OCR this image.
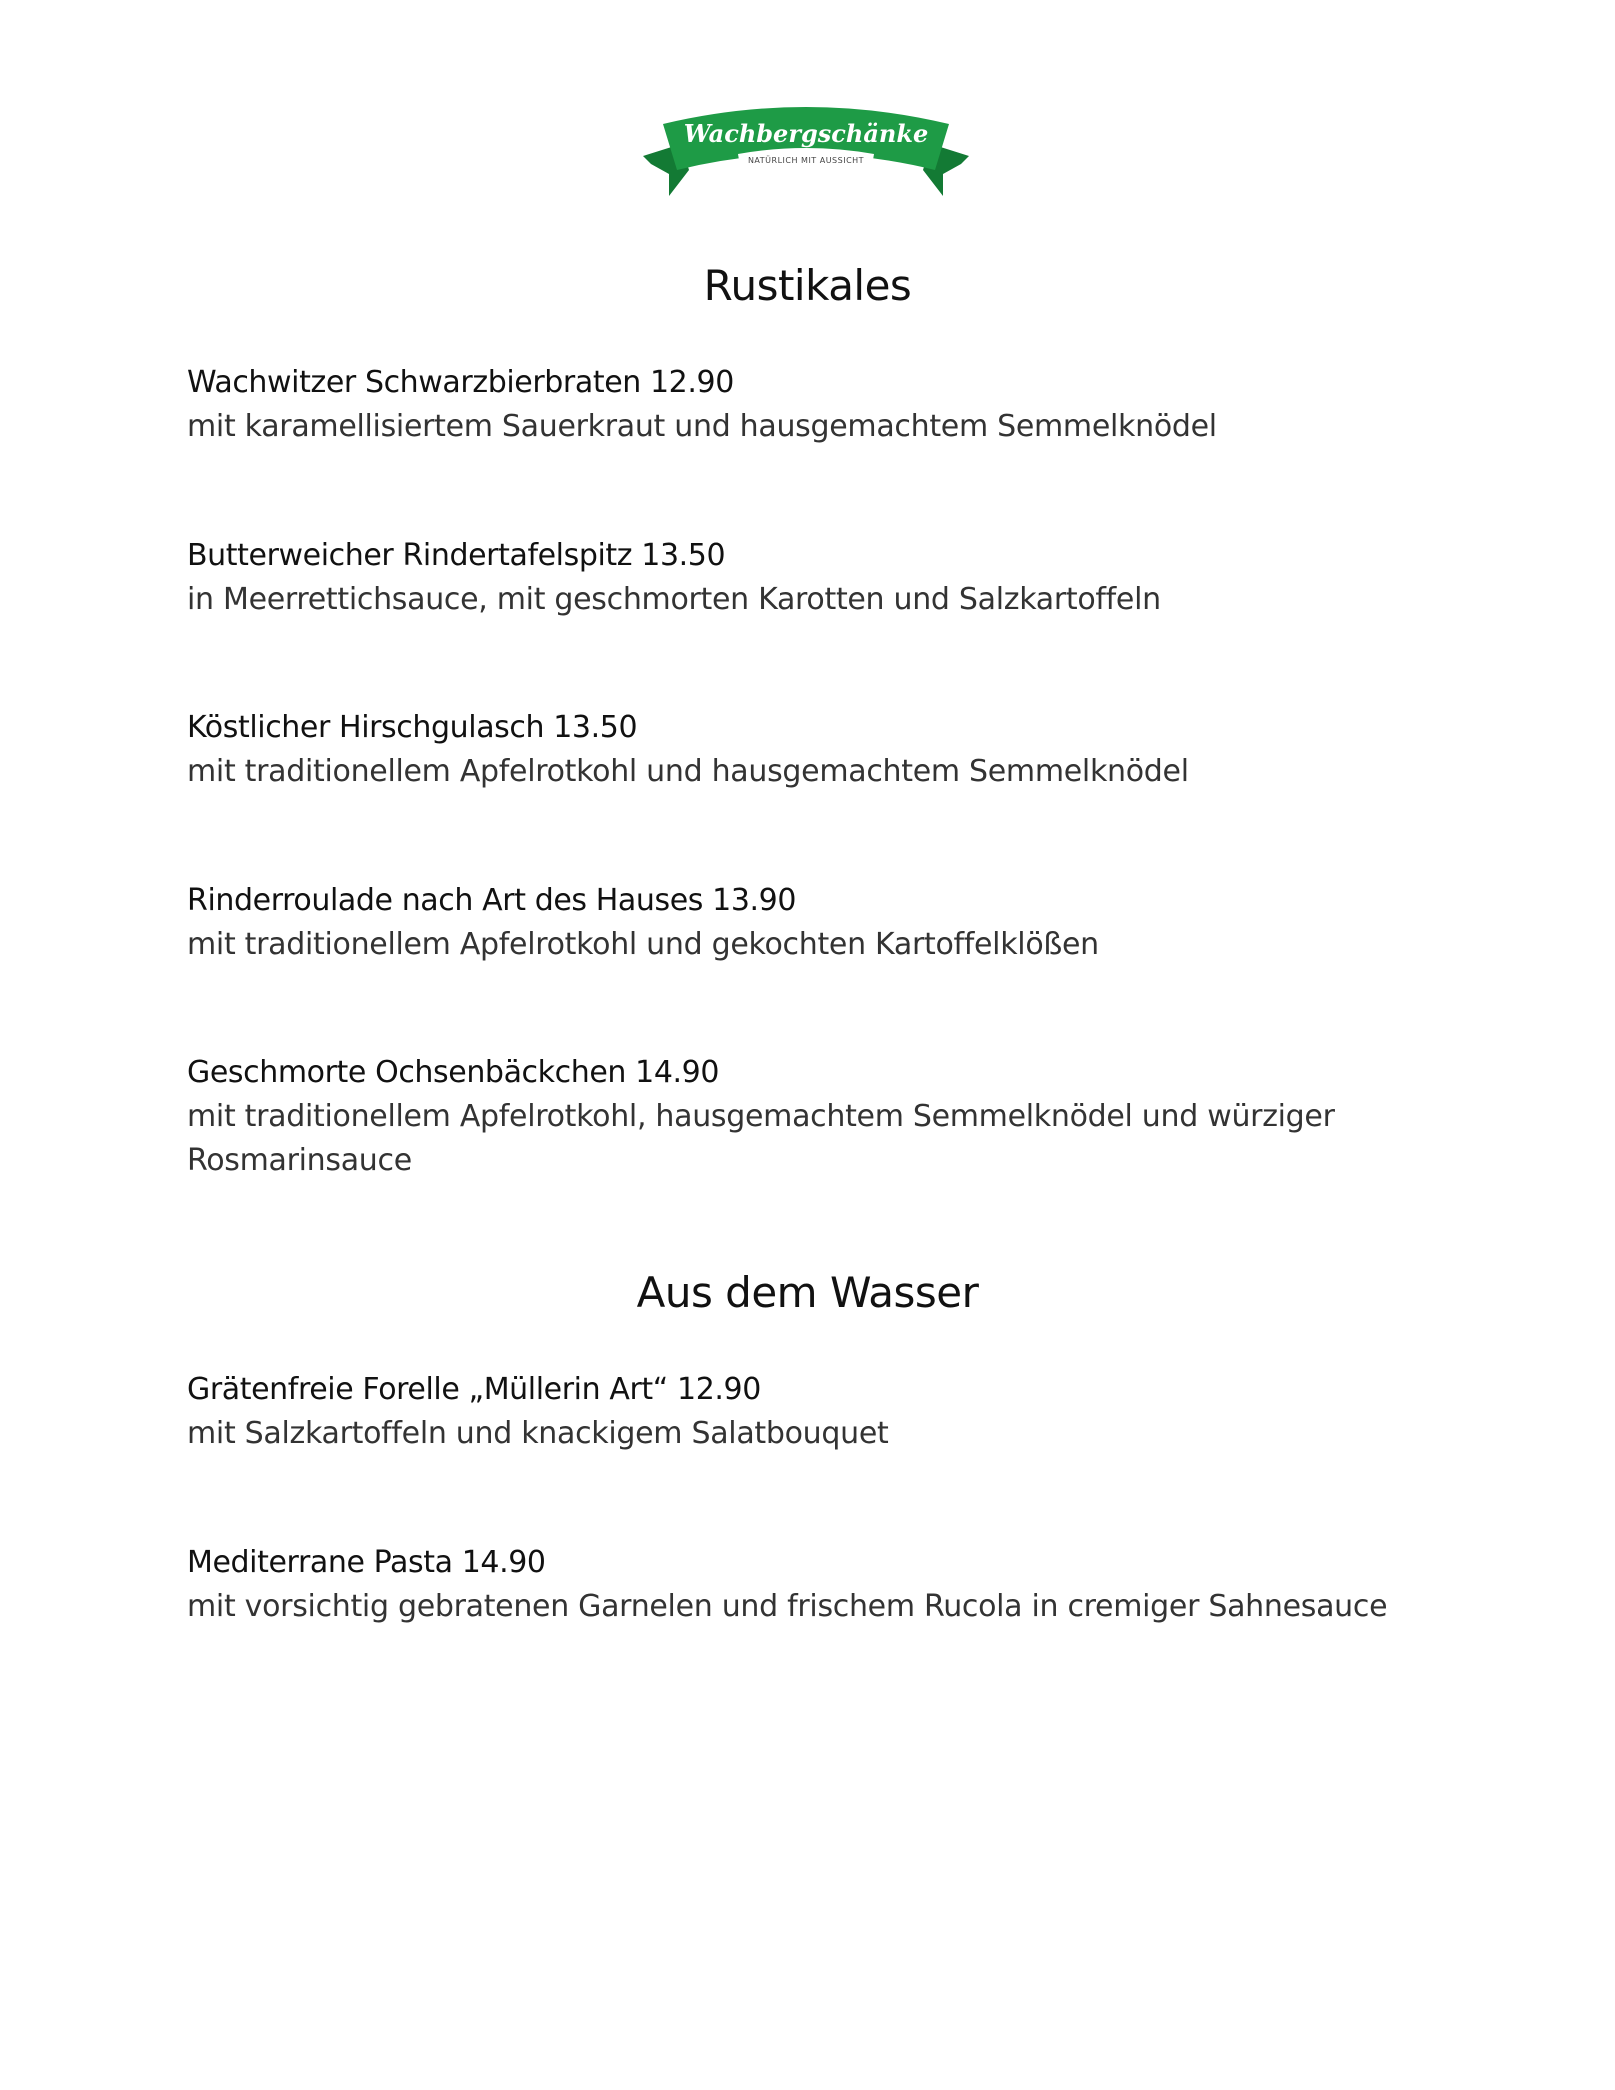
Wachbergschänke
NATÜRLICH MIT AUSSICHT
Rustikales
Wachwitzer Schwarzbierbraten 12.90
mit karamellisiertem Sauerkraut und hausgemachtem Semmelknödel
Butterweicher Rindertafelspitz 13.50
in Meerrettichsauce, mit geschmorten Karotten und Salzkartoffeln
Köstlicher Hirschgulasch 13.50
mit traditionellem Apfelrotkohl und hausgemachtem Semmelknödel
Rinderroulade nach Art des Hauses 13.90
mit traditionellem Apfelrotkohl und gekochten Kartoffelklößen
Geschmorte Ochsenbäckchen 14.90
mit traditionellem Apfelrotkohl, hausgemachtem Semmelknödel und würziger Rosmarinsauce
Aus dem Wasser
Grätenfreie Forelle „Müllerin Art“ 12.90
mit Salzkartoffeln und knackigem Salatbouquet
Mediterrane Pasta 14.90
mit vorsichtig gebratenen Garnelen und frischem Rucola in cremiger Sahnesauce
